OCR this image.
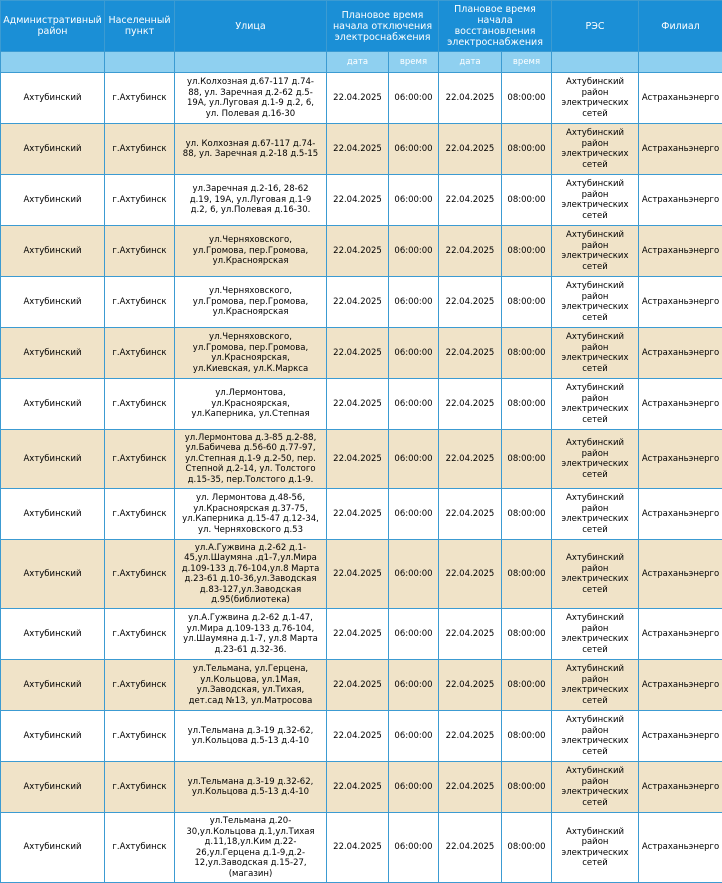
Административный район	Населенный пункт	Улица	Плановое время начала отключения электроснабжения		Плановое время начала восстановления электроснабжения		РЭС	Филиал
			дата	время	дата	время		
Ахтубинский	г.Ахтубинск	ул.Колхозная д.67-117 д.74-88, ул. Заречная д.2-62 д.5-19А, ул.Луговая д.1-9 д.2, 6, ул. Полевая д.16-30	22.04.2025	06:00:00	22.04.2025	08:00:00	Ахтубинский район электрических сетей	Астраханьэнерго
Ахтубинский	г.Ахтубинск	ул. Колхозная д.67-117 д.74-88, ул. Заречная д.2-18 д.5-15	22.04.2025	06:00:00	22.04.2025	08:00:00	Ахтубинский район электрических сетей	Астраханьэнерго
Ахтубинский	г.Ахтубинск	ул.Заречная д.2-16, 28-62 д.19, 19А, ул.Луговая д.1-9 д.2, 6, ул.Полевая д.16-30.	22.04.2025	06:00:00	22.04.2025	08:00:00	Ахтубинский район электрических сетей	Астраханьэнерго
Ахтубинский	г.Ахтубинск	ул.Черняховского, ул.Громова, пер.Громова, ул.Красноярская	22.04.2025	06:00:00	22.04.2025	08:00:00	Ахтубинский район электрических сетей	Астраханьэнерго
Ахтубинский	г.Ахтубинск	ул.Черняховского, ул.Громова, пер.Громова, ул.Красноярская	22.04.2025	06:00:00	22.04.2025	08:00:00	Ахтубинский район электрических сетей	Астраханьэнерго
Ахтубинский	г.Ахтубинск	ул.Черняховского, ул.Громова, пер.Громова, ул.Красноярская, ул.Киевская, ул.К.Маркса	22.04.2025	06:00:00	22.04.2025	08:00:00	Ахтубинский район электрических сетей	Астраханьэнерго
Ахтубинский	г.Ахтубинск	ул.Лермонтова, ул.Красноярская, ул.Каперника, ул.Степная	22.04.2025	06:00:00	22.04.2025	08:00:00	Ахтубинский район электрических сетей	Астраханьэнерго
Ахтубинский	г.Ахтубинск	ул.Лермонтова д.3-85 д.2-88, ул.Бабичева д.56-60 д.77-97, ул.Степная д.1-9 д.2-50, пер. Степной д.2-14, ул. Толстого д.15-35, пер.Толстого д.1-9.	22.04.2025	06:00:00	22.04.2025	08:00:00	Ахтубинский район электрических сетей	Астраханьэнерго
Ахтубинский	г.Ахтубинск	ул. Лермонтова д.48-56, ул.Красноярская д.37-75, ул.Каперника д.15-47 д.12-34, ул. Черняховского д.53	22.04.2025	06:00:00	22.04.2025	08:00:00	Ахтубинский район электрических сетей	Астраханьэнерго
Ахтубинский	г.Ахтубинск	ул.А.Гужвина д.2-62 д.1-45,ул.Шаумяна .д1-7,ул.Мира д.109-133 д.76-104,ул.8 Марта д.23-61 д.10-36,ул.Заводская д.83-127,ул.Заводская д.95(библиотека)	22.04.2025	06:00:00	22.04.2025	08:00:00	Ахтубинский район электрических сетей	Астраханьэнерго
Ахтубинский	г.Ахтубинск	ул.А.Гужвина д.2-62 д.1-47, ул.Мира д.109-133 д.76-104, ул.Шаумяна д.1-7, ул.8 Марта д.23-61 д.32-36.	22.04.2025	06:00:00	22.04.2025	08:00:00	Ахтубинский район электрических сетей	Астраханьэнерго
Ахтубинский	г.Ахтубинск	ул.Тельмана, ул.Герцена, ул.Кольцова, ул.1Мая, ул.Заводская, ул.Тихая, дет.сад №13, ул.Матросова	22.04.2025	06:00:00	22.04.2025	08:00:00	Ахтубинский район электрических сетей	Астраханьэнерго
Ахтубинский	г.Ахтубинск	ул.Тельмана д.3-19 д.32-62, ул.Кольцова д.5-13 д.4-10	22.04.2025	06:00:00	22.04.2025	08:00:00	Ахтубинский район электрических сетей	Астраханьэнерго
Ахтубинский	г.Ахтубинск	ул.Тельмана д.3-19 д.32-62, ул.Кольцова д.5-13 д.4-10	22.04.2025	06:00:00	22.04.2025	08:00:00	Ахтубинский район электрических сетей	Астраханьэнерго
Ахтубинский	г.Ахтубинск	ул.Тельмана д.20-30,ул.Кольцова д.1,ул.Тихая д.11,18,ул.Ким д.22-26,ул.Герцена д.1-9,д.2-12,ул.Заводская д.15-27,(магазин)	22.04.2025	06:00:00	22.04.2025	08:00:00	Ахтубинский район электрических сетей	Астраханьэнерго
